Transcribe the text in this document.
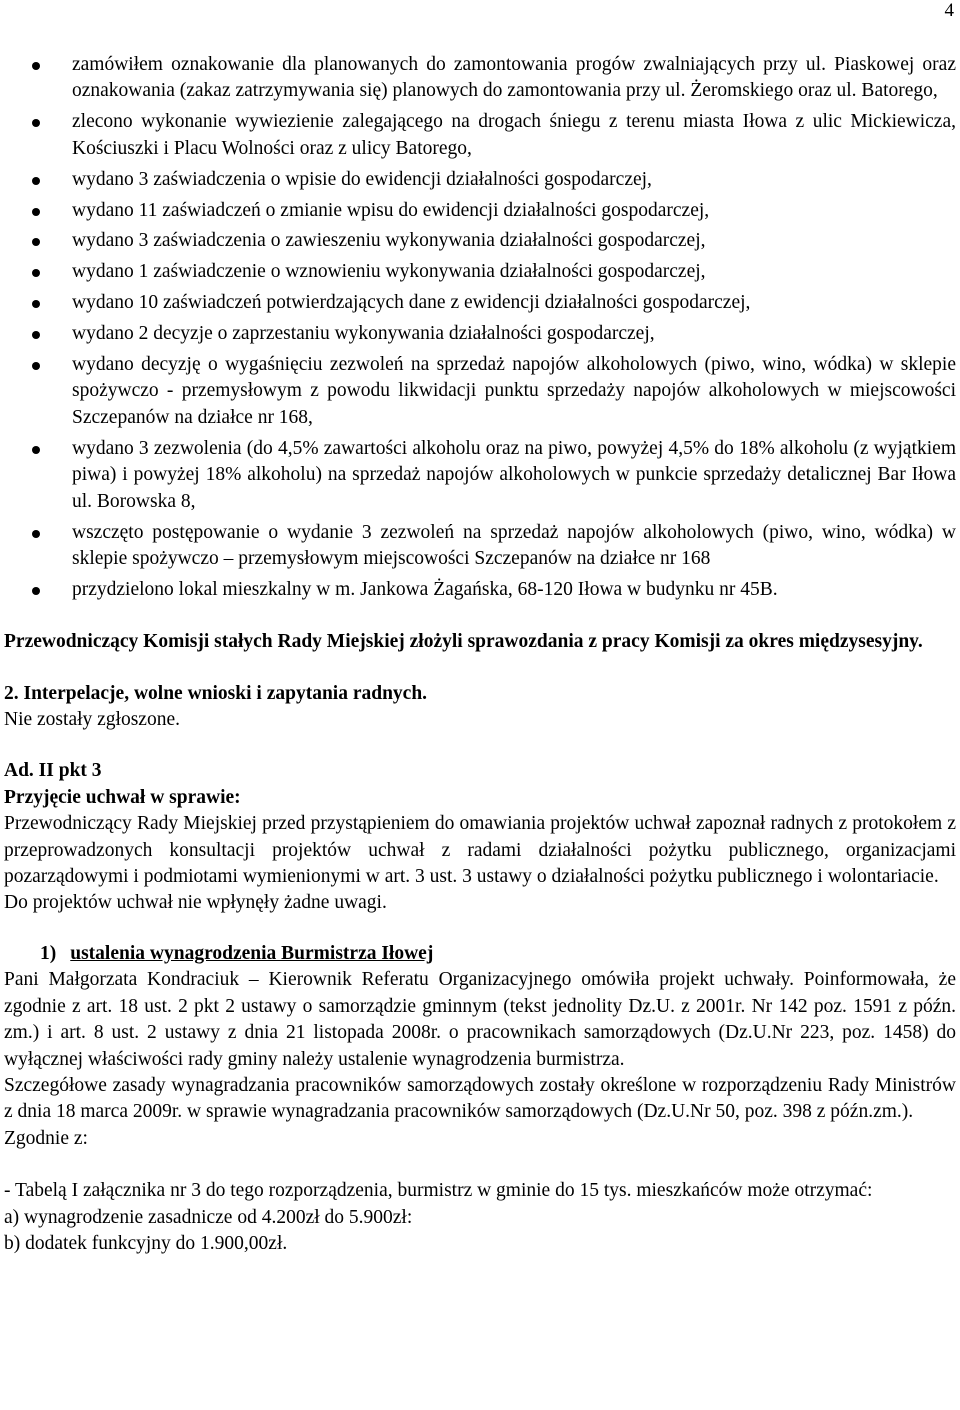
4
zamówiłem oznakowanie dla planowanych do zamontowania progów zwalniających przy ul. Piaskowej oraz oznakowania (zakaz zatrzymywania się) planowych do zamontowania przy ul. Żeromskiego oraz ul. Batorego,
zlecono wykonanie wywiezienie zalegającego na drogach śniegu z terenu miasta Iłowa z ulic Mickiewicza, Kościuszki i Placu Wolności oraz z ulicy Batorego,
wydano 3 zaświadczenia o wpisie do ewidencji działalności gospodarczej,
wydano 11 zaświadczeń o zmianie wpisu do ewidencji działalności gospodarczej,
wydano 3 zaświadczenia o zawieszeniu wykonywania działalności gospodarczej,
wydano 1 zaświadczenie o wznowieniu wykonywania działalności gospodarczej,
wydano 10 zaświadczeń potwierdzających dane z ewidencji działalności gospodarczej,
wydano 2 decyzje o zaprzestaniu wykonywania działalności gospodarczej,
wydano decyzję o wygaśnięciu zezwoleń na sprzedaż napojów alkoholowych (piwo, wino, wódka) w sklepie spożywczo - przemysłowym z powodu likwidacji punktu sprzedaży napojów alkoholowych w miejscowości Szczepanów na działce nr 168,
wydano 3 zezwolenia (do 4,5% zawartości alkoholu oraz na piwo, powyżej 4,5% do 18% alkoholu (z wyjątkiem piwa) i powyżej 18% alkoholu) na sprzedaż napojów alkoholowych w punkcie sprzedaży detalicznej Bar Iłowa ul. Borowska 8,
wszczęto postępowanie o wydanie 3 zezwoleń na sprzedaż napojów alkoholowych (piwo, wino, wódka) w sklepie spożywczo – przemysłowym miejscowości Szczepanów na działce nr 168
przydzielono lokal mieszkalny w m. Jankowa Żagańska, 68-120 Iłowa w budynku nr 45B.

Przewodniczący Komisji stałych Rady Miejskiej złożyli sprawozdania z pracy Komisji za okres międzysesyjny.

2. Interpelacje, wolne wnioski i zapytania radnych.

Nie zostały zgłoszone.

Ad. II pkt 3

Przyjęcie uchwał w sprawie:

Przewodniczący Rady Miejskiej przed przystąpieniem do omawiania projektów uchwał zapoznał radnych z protokołem z przeprowadzonych konsultacji projektów uchwał z radami działalności pożytku publicznego, organizacjami pozarządowymi i podmiotami wymienionymi w art. 3 ust. 3 ustawy o działalności pożytku publicznego i wolontariacie.

Do projektów uchwał nie wpłynęły żadne uwagi.

1) ustalenia wynagrodzenia Burmistrza Iłowej

Pani Małgorzata Kondraciuk – Kierownik Referatu Organizacyjnego omówiła projekt uchwały. Poinformowała, że zgodnie z art. 18 ust. 2 pkt 2 ustawy o samorządzie gminnym (tekst jednolity Dz.U. z 2001r. Nr 142 poz. 1591 z późn. zm.) i art. 8 ust. 2 ustawy z dnia 21 listopada 2008r. o pracownikach samorządowych (Dz.U.Nr 223, poz. 1458) do wyłącznej właściwości rady gminy należy ustalenie wynagrodzenia burmistrza.

Szczegółowe zasady wynagradzania pracowników samorządowych zostały określone w rozporządzeniu Rady Ministrów z dnia 18 marca 2009r. w sprawie wynagradzania pracowników samorządowych (Dz.U.Nr 50, poz. 398 z późn.zm.).

Zgodnie z:

- Tabelą I załącznika nr 3 do tego rozporządzenia, burmistrz w gminie do 15 tys. mieszkańców może otrzymać:

a) wynagrodzenie zasadnicze od 4.200zł do 5.900zł:

b) dodatek funkcyjny do 1.900,00zł.
